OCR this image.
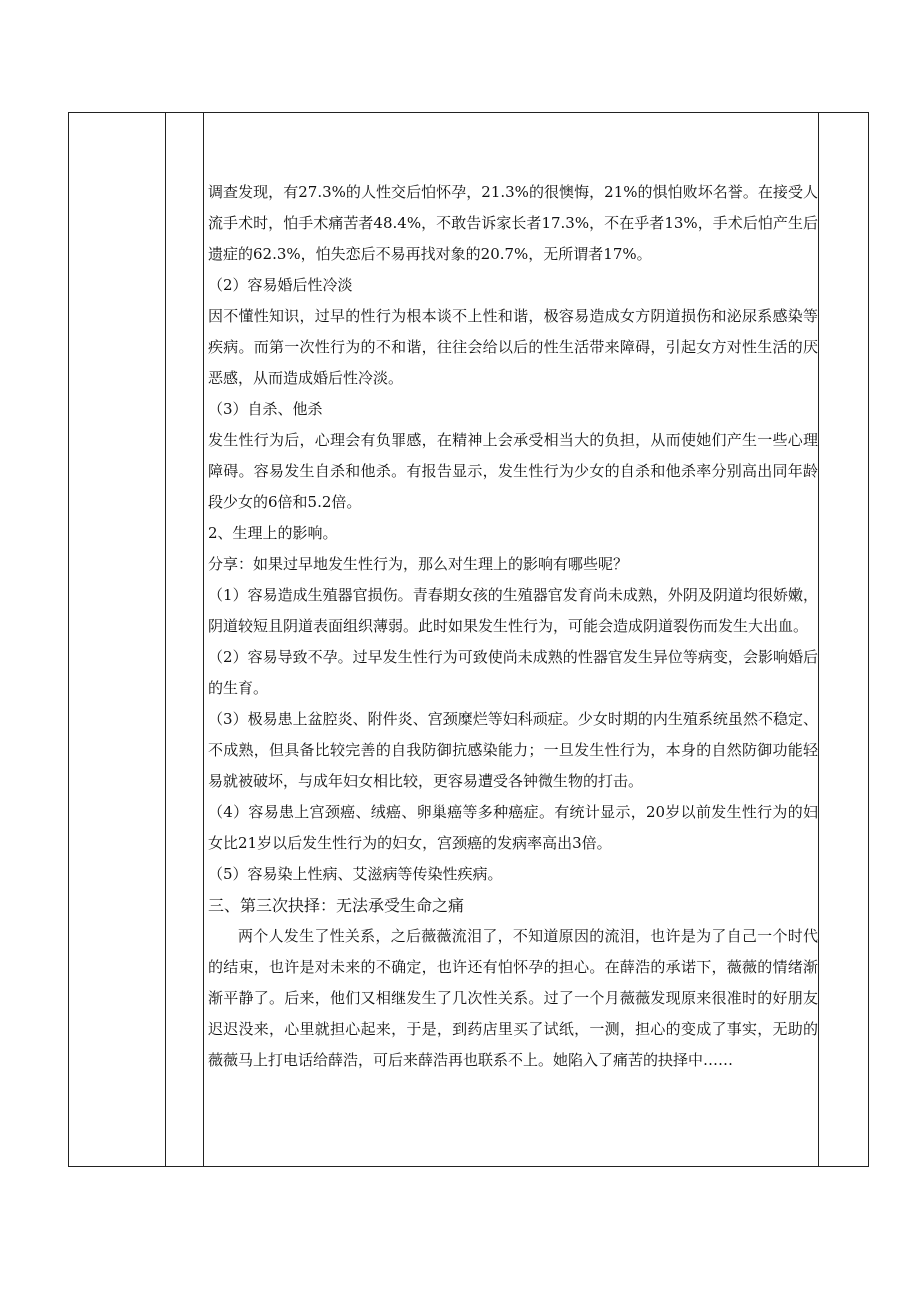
调查发现，有27.3%的人性交后怕怀孕，21.3%的很懊悔，21%的惧怕败坏名誉。在接受人流手术时，怕手术痛苦者48.4%，不敢告诉家长者17.3%，不在乎者13%，手术后怕产生后遗症的62.3%，怕失恋后不易再找对象的20.7%，无所谓者17%。

（2）容易婚后性冷淡

因不懂性知识，过早的性行为根本谈不上性和谐，极容易造成女方阴道损伤和泌尿系感染等疾病。而第一次性行为的不和谐，往往会给以后的性生活带来障碍，引起女方对性生活的厌恶感，从而造成婚后性冷淡。

（3）自杀、他杀

发生性行为后，心理会有负罪感，在精神上会承受相当大的负担，从而使她们产生一些心理障碍。容易发生自杀和他杀。有报告显示，发生性行为少女的自杀和他杀率分别高出同年龄段少女的6倍和5.2倍。

2、生理上的影响。

分享：如果过早地发生性行为，那么对生理上的影响有哪些呢？

（1）容易造成生殖器官损伤。青春期女孩的生殖器官发育尚未成熟，外阴及阴道均很娇嫩，阴道较短且阴道表面组织薄弱。此时如果发生性行为，可能会造成阴道裂伤而发生大出血。

（2）容易导致不孕。过早发生性行为可致使尚未成熟的性器官发生异位等病变，会影响婚后的生育。

（3）极易患上盆腔炎、附件炎、宫颈糜烂等妇科顽症。少女时期的内生殖系统虽然不稳定、不成熟，但具备比较完善的自我防御抗感染能力；一旦发生性行为，本身的自然防御功能轻易就被破坏，与成年妇女相比较，更容易遭受各钟微生物的打击。

（4）容易患上宫颈癌、绒癌、卵巢癌等多种癌症。有统计显示，20岁以前发生性行为的妇女比21岁以后发生性行为的妇女，宫颈癌的发病率高出3倍。

（5）容易染上性病、艾滋病等传染性疾病。

三、第三次抉择：无法承受生命之痛

两个人发生了性关系，之后薇薇流泪了，不知道原因的流泪，也许是为了自己一个时代的结束，也许是对未来的不确定，也许还有怕怀孕的担心。在薛浩的承诺下，薇薇的情绪渐渐平静了。后来，他们又相继发生了几次性关系。过了一个月薇薇发现原来很准时的好朋友迟迟没来，心里就担心起来，于是，到药店里买了试纸，一测，担心的变成了事实，无助的薇薇马上打电话给薛浩，可后来薛浩再也联系不上。她陷入了痛苦的抉择中……
